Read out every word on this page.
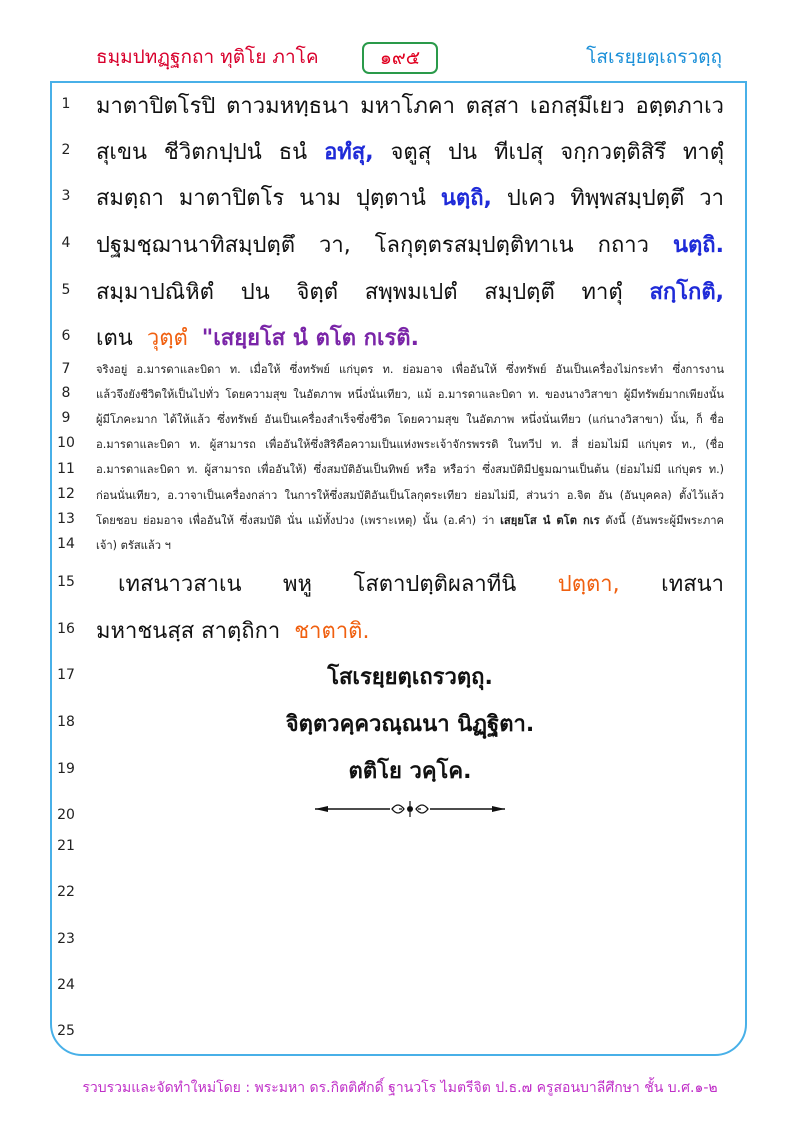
ธมฺมปทฏฺฐกถา ทุติโย ภาโค	๑๙๕	โสเรยฺยตฺเถรวตฺถุ
1
2
3
4
5
6
7
8
9
10
11
12
13
14
15
16
17
18
19
20
21
22
23
24
25
มาตาปิตโรปิ ตาวมหทฺธนา มหาโภคา ตสฺสา เอกสฺมึเยว อตฺตภาเว
สุเขน ชีวิตกปฺปนํ ธนํ อทํสุ, จตูสุ ปน ทีเปสุ จกฺกวตฺติสิรึ ทาตุํ
สมตฺถา มาตาปิตโร นาม ปุตฺตานํ นตฺถิ, ปเคว ทิพฺพสมฺปตฺตึ วา
ปฐมชฺฌานาทิสมฺปตฺตึ วา, โลกุตฺตรสมฺปตฺติทาเน กถาว นตฺถิ.
สมฺมาปณิหิตํ ปน จิตฺตํ สพฺพมเปตํ สมฺปตฺตึ ทาตุํ สกฺโกติ,
เตน วุตฺตํ "เสยฺยโส นํ ตโต กเรติ.
จริงอยู่ อ.มารดาและบิดา ท. เมื่อให้ ซึ่งทรัพย์ แก่บุตร ท. ย่อมอาจ เพื่ออันให้ ซึ่งทรัพย์ อันเป็นเครื่องไม่กระทำ ซึ่งการงาน
แล้วจึงยังชีวิตให้เป็นไปทั่ว โดยความสุข ในอัตภาพ หนึ่งนั่นเทียว, แม้ อ.มารดาและบิดา ท. ของนางวิสาขา ผู้มีทรัพย์มากเพียงนั้น
ผู้มีโภคะมาก ได้ให้แล้ว ซึ่งทรัพย์ อันเป็นเครื่องสำเร็จซึ่งชีวิต โดยความสุข ในอัตภาพ หนึ่งนั่นเทียว (แก่นางวิสาขา) นั้น, ก็ ชื่อ
อ.มารดาและบิดา ท. ผู้สามารถ เพื่ออันให้ซึ่งสิริคือความเป็นแห่งพระเจ้าจักรพรรดิ ในทวีป ท. สี่ ย่อมไม่มี แก่บุตร ท., (ชื่อ
อ.มารดาและบิดา ท. ผู้สามารถ เพื่ออันให้) ซึ่งสมบัติอันเป็นทิพย์ หรือ หรือว่า ซึ่งสมบัติมีปฐมฌานเป็นต้น (ย่อมไม่มี แก่บุตร ท.)
ก่อนนั่นเทียว, อ.วาจาเป็นเครื่องกล่าว ในการให้ซึ่งสมบัติอันเป็นโลกุตระเทียว ย่อมไม่มี, ส่วนว่า อ.จิต อัน (อันบุคคล) ตั้งไว้แล้ว
โดยชอบ ย่อมอาจ เพื่ออันให้ ซึ่งสมบัติ นั่น แม้ทั้งปวง (เพราะเหตุ) นั้น (อ.คำ) ว่า เสยฺยโส นํ ตโต กเร ดังนี้ (อันพระผู้มีพระภาค
เจ้า) ตรัสแล้ว ฯ
เทสนาวสาเน พหู โสตาปตฺติผลาทีนิ ปตฺตา, เทสนา
มหาชนสฺส สาตฺถิกา ชาตาติ.
โสเรยฺยตฺเถรวตฺถุ.
จิตฺตวคฺควณฺณนา นิฏฺฐิตา.
ตติโย วคฺโค.
รวบรวมและจัดทำใหม่โดย : พระมหา ดร.กิตติศักดิ์ ฐานวโร ไมตรีจิต ป.ธ.๗ ครูสอนบาลีศึกษา ชั้น บ.ศ.๑-๒
